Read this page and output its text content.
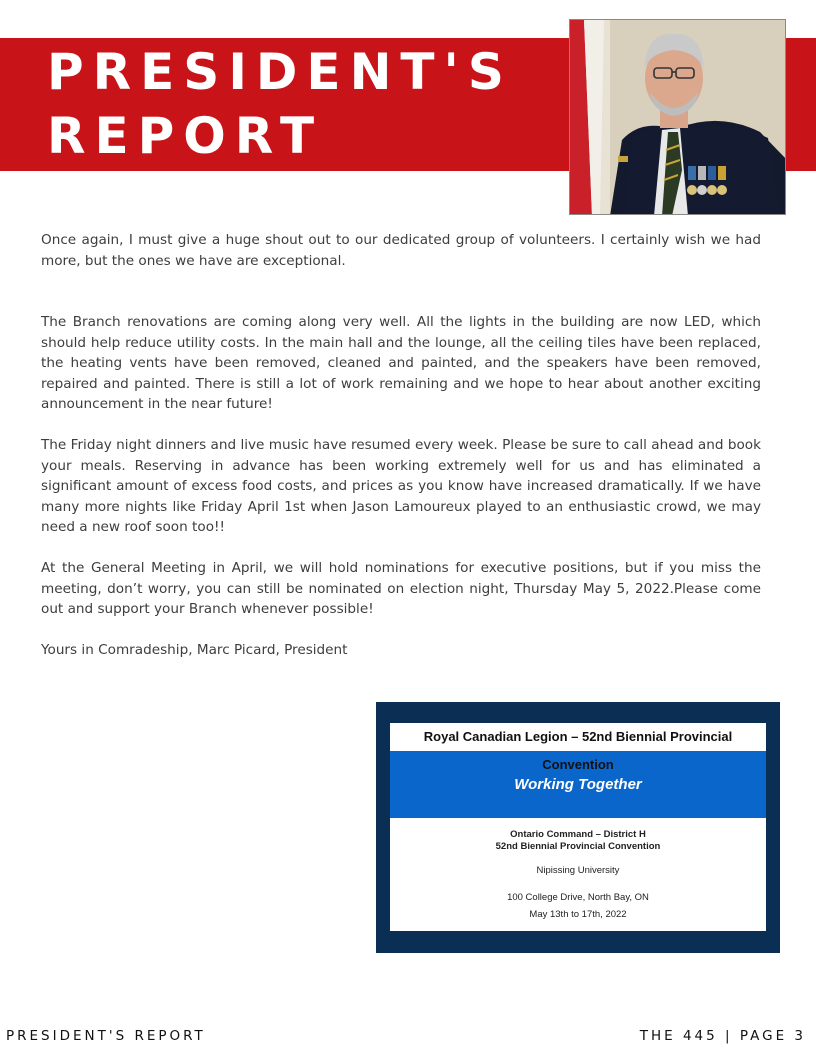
PRESIDENT'S
REPORT

Once again, I must give a huge shout out to our dedicated group of volunteers. I certainly wish we had more, but the ones we have are exceptional.

The Branch renovations are coming along very well. All the lights in the building are now LED, which should help reduce utility costs. In the main hall and the lounge, all the ceiling tiles have been replaced, the heating vents have been removed, cleaned and painted, and the speakers have been removed, repaired and painted. There is still a lot of work remaining and we hope to hear about another exciting announcement in the near future!

The Friday night dinners and live music have resumed every week. Please be sure to call ahead and book your meals. Reserving in advance has been working extremely well for us and has eliminated a significant amount of excess food costs, and prices as you know have increased dramatically. If we have many more nights like Friday April 1st when Jason Lamoureux played to an enthusiastic crowd, we may need a new roof soon too!!

At the General Meeting in April, we will hold nominations for executive positions, but if you miss the meeting, don’t worry, you can still be nominated on election night, Thursday May 5, 2022.Please come out and support your Branch whenever possible!

Yours in Comradeship, Marc Picard, President

Royal Canadian Legion – 52nd Biennial Provincial
Working Together
Ontario Command – District H
52nd Biennial Provincial Convention
Nipissing University
100 College Drive, North Bay, ON
May 13th to 17th, 2022
PRESIDENT'S REPORT	THE 445 | PAGE 3
